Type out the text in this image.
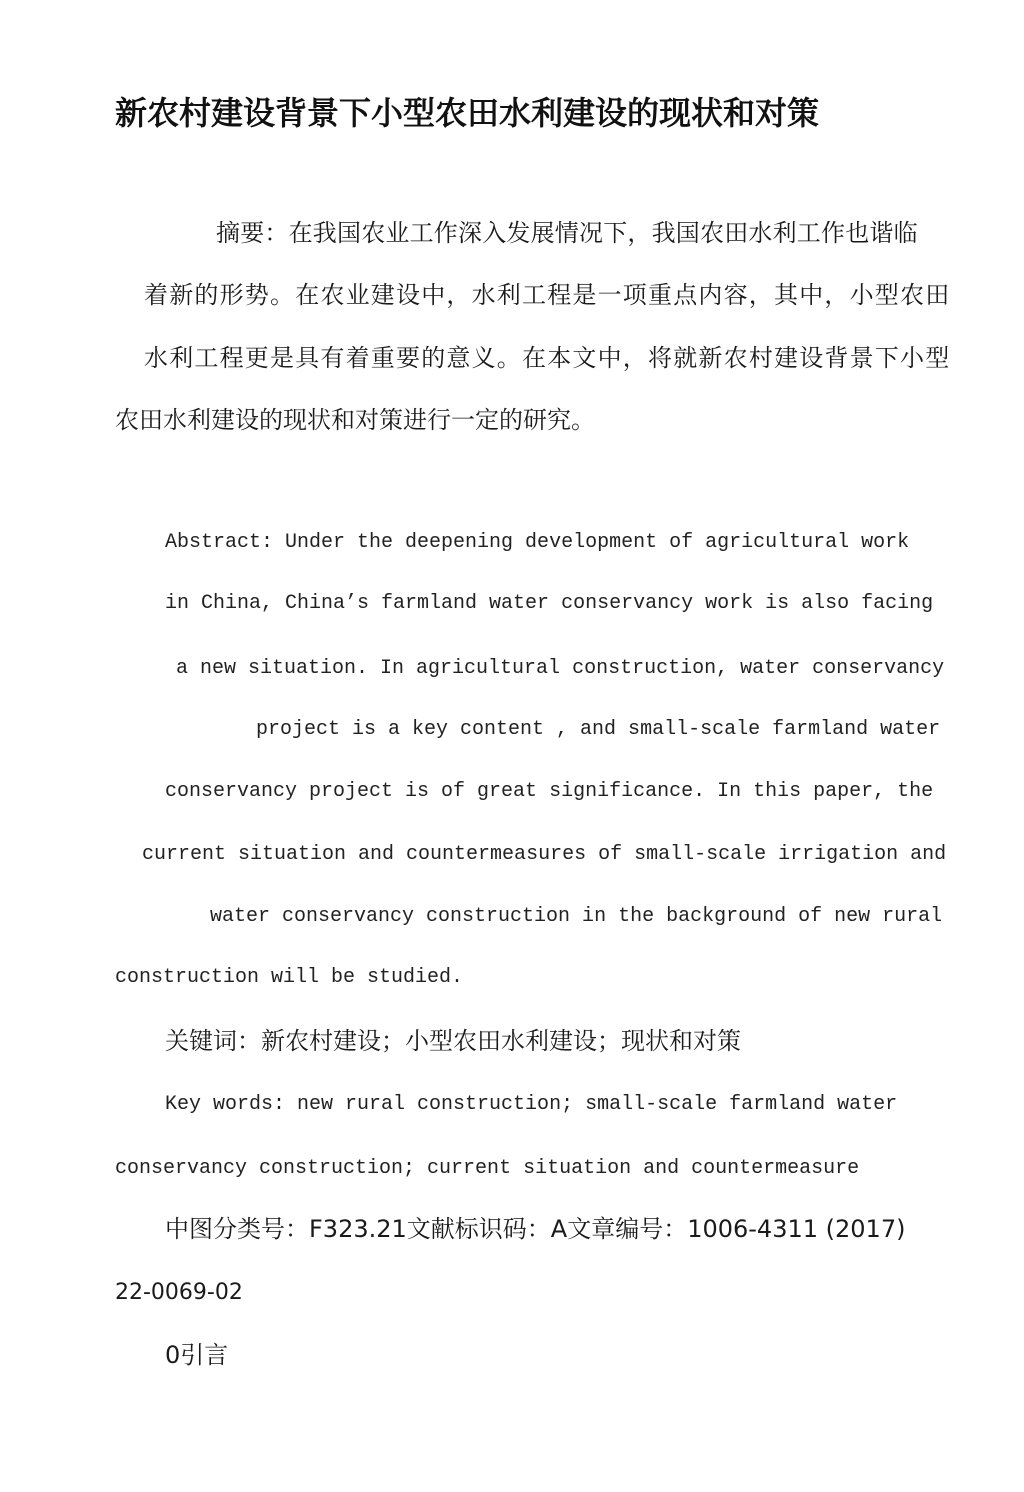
新农村建设背景下小型农田水利建设的现状和对策

摘要：在我国农业工作深入发展情况下，我国农田水利工作也谐临

着新的形势。在农业建设中，水利工程是一项重点内容，其中，小型农田

水利工程更是具有着重要的意义。在本文中，将就新农村建设背景下小型

农田水利建设的现状和对策进行一定的研究。

Abstract: Under the deepening development of agricultural work

in China, China’s farmland water conservancy work is also facing

a new situation. In agricultural construction, water conservancy

project is a key content , and small-scale farmland water

conservancy project is of great significance. In this paper, the

current situation and countermeasures of small-scale irrigation and

water conservancy construction in the background of new rural

construction will be studied.

关键词：新农村建设；小型农田水利建设；现状和对策

Key words: new rural construction; small-scale farmland water

conservancy construction; current situation and countermeasure

中图分类号：F323.21文献标识码：A文章编号：1006-4311 (2017)

22-0069-02

0引言
